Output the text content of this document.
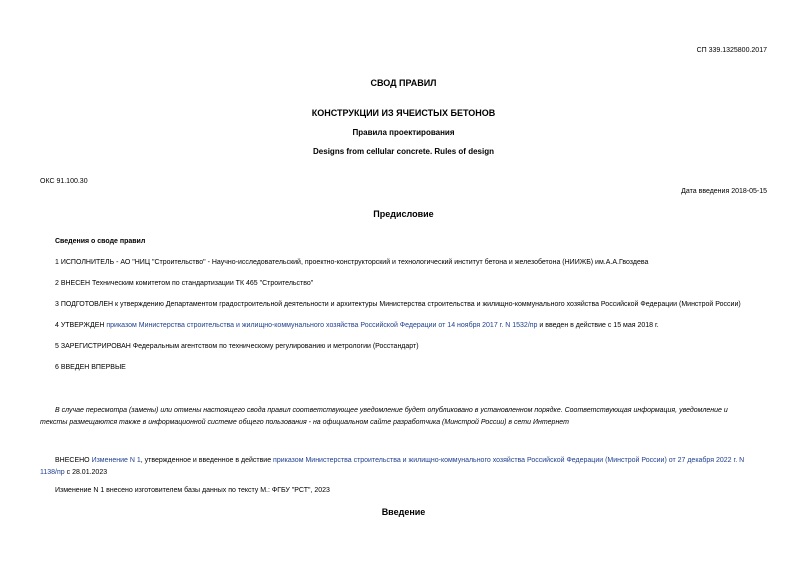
СП 339.1325800.2017
СВОД ПРАВИЛ
КОНСТРУКЦИИ ИЗ ЯЧЕИСТЫХ БЕТОНОВ
Правила проектирования
Designs from cellular concrete. Rules of design
ОКС 91.100.30
Дата введения 2018-05-15
Предисловие
Сведения о своде правил
1 ИСПОЛНИТЕЛЬ - АО "НИЦ "Строительство" - Научно-исследовательский, проектно-конструкторский и технологический институт бетона и железобетона (НИИЖБ) им.А.А.Гвоздева
2 ВНЕСЕН Техническим комитетом по стандартизации ТК 465 "Строительство"
3 ПОДГОТОВЛЕН к утверждению Департаментом градостроительной деятельности и архитектуры Министерства строительства и жилищно-коммунального хозяйства Российской Федерации (Минстрой России)
4 УТВЕРЖДЕН приказом Министерства строительства и жилищно-коммунального хозяйства Российской Федерации от 14 ноября 2017 г. N 1532/пр и введен в действие с 15 мая 2018 г.
5 ЗАРЕГИСТРИРОВАН Федеральным агентством по техническому регулированию и метрологии (Росстандарт)
6 ВВЕДЕН ВПЕРВЫЕ
В случае пересмотра (замены) или отмены настоящего свода правил соответствующее уведомление будет опубликовано в установленном порядке. Соответствующая информация, уведомление и
тексты размещаются также в информационной системе общего пользования - на официальном сайте разработчика (Минстрой России) в сети Интернет
ВНЕСЕНО Изменение N 1, утвержденное и введенное в действие приказом Министерства строительства и жилищно-коммунального хозяйства Российской Федерации (Минстрой России) от 27 декабря 2022 г. N
1138/пр с 28.01.2023
Изменение N 1 внесено изготовителем базы данных по тексту М.: ФГБУ "РСТ", 2023
Введение
